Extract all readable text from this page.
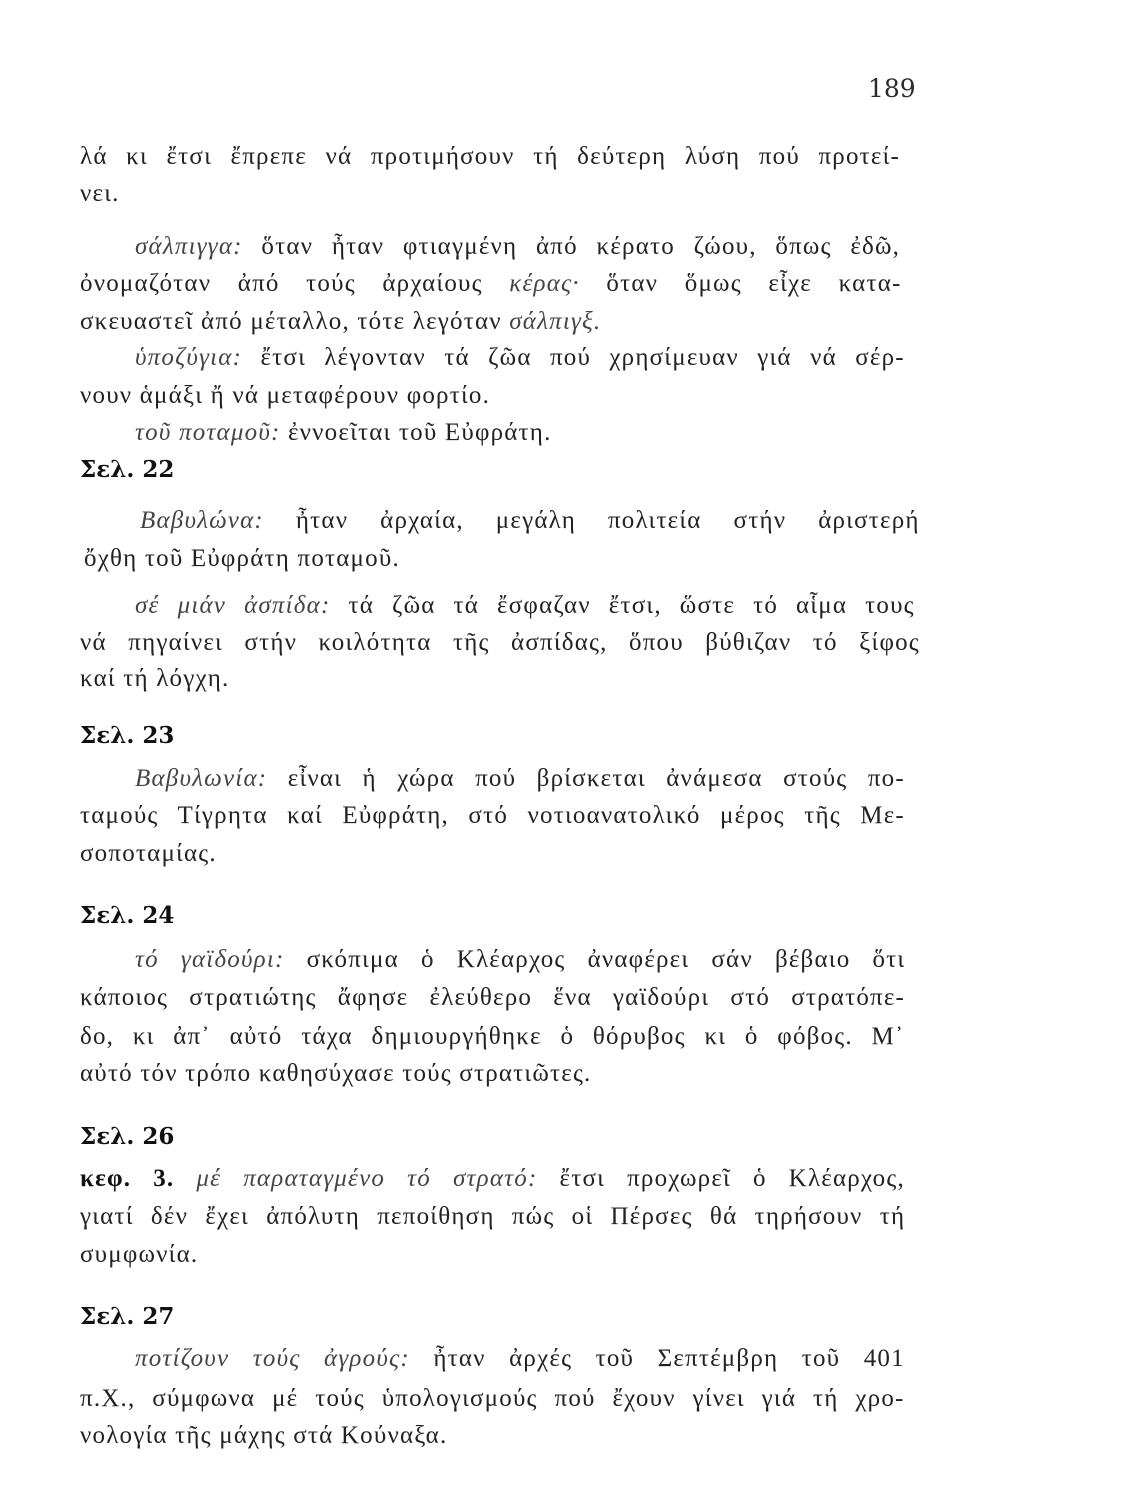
189
λά κι ἔτσι ἔπρεπε νά προτιμήσουν τή δεύτερη λύση πού προτεί-
νει.
σάλπιγγα: ὅταν ἦταν φτιαγμένη ἀπό κέρατο ζώου, ὅπως ἐδῶ,
ὀνομαζόταν ἀπό τούς ἀρχαίους κέρας· ὅταν ὅμως εἶχε κατα-
σκευαστεῖ ἀπό μέταλλο, τότε λεγόταν σάλπιγξ.
ὑποζύγια: ἔτσι λέγονταν τά ζῶα πού χρησίμευαν γιά νά σέρ-
νουν ἁμάξι ἤ νά μεταφέρουν φορτίο.
τοῦ ποταμοῦ: ἐννοεῖται τοῦ Εὐφράτη.
Σελ. 22
Βαβυλώνα: ἦταν ἀρχαία, μεγάλη πολιτεία στήν ἀριστερή
ὄχθη τοῦ Εὐφράτη ποταμοῦ.
σέ μιάν ἀσπίδα: τά ζῶα τά ἔσφαζαν ἔτσι, ὥστε τό αἷμα τους
νά πηγαίνει στήν κοιλότητα τῆς ἀσπίδας, ὅπου βύθιζαν τό ξίφος
καί τή λόγχη.
Σελ. 23
Βαβυλωνία: εἶναι ἡ χώρα πού βρίσκεται ἀνάμεσα στούς πο-
ταμούς Τίγρητα καί Εὐφράτη, στό νοτιοανατολικό μέρος τῆς Με-
σοποταμίας.
Σελ. 24
τό γαϊδούρι: σκόπιμα ὁ Κλέαρχος ἀναφέρει σάν βέβαιο ὅτι
κάποιος στρατιώτης ἄφησε ἐλεύθερο ἕνα γαϊδούρι στό στρατόπε-
δο, κι ἀπ᾽ αὐτό τάχα δημιουργήθηκε ὁ θόρυβος κι ὁ φόβος. Μ᾽
αὐτό τόν τρόπο καθησύχασε τούς στρατιῶτες.
Σελ. 26
κεφ. 3. μέ παραταγμένο τό στρατό: ἔτσι προχωρεῖ ὁ Κλέαρχος,
γιατί δέν ἔχει ἀπόλυτη πεποίθηση πώς οἱ Πέρσες θά τηρήσουν τή
συμφωνία.
Σελ. 27
ποτίζουν τούς ἀγρούς: ἦταν ἀρχές τοῦ Σεπτέμβρη τοῦ 401
π.Χ., σύμφωνα μέ τούς ὑπολογισμούς πού ἔχουν γίνει γιά τή χρο-
νολογία τῆς μάχης στά Κούναξα.
